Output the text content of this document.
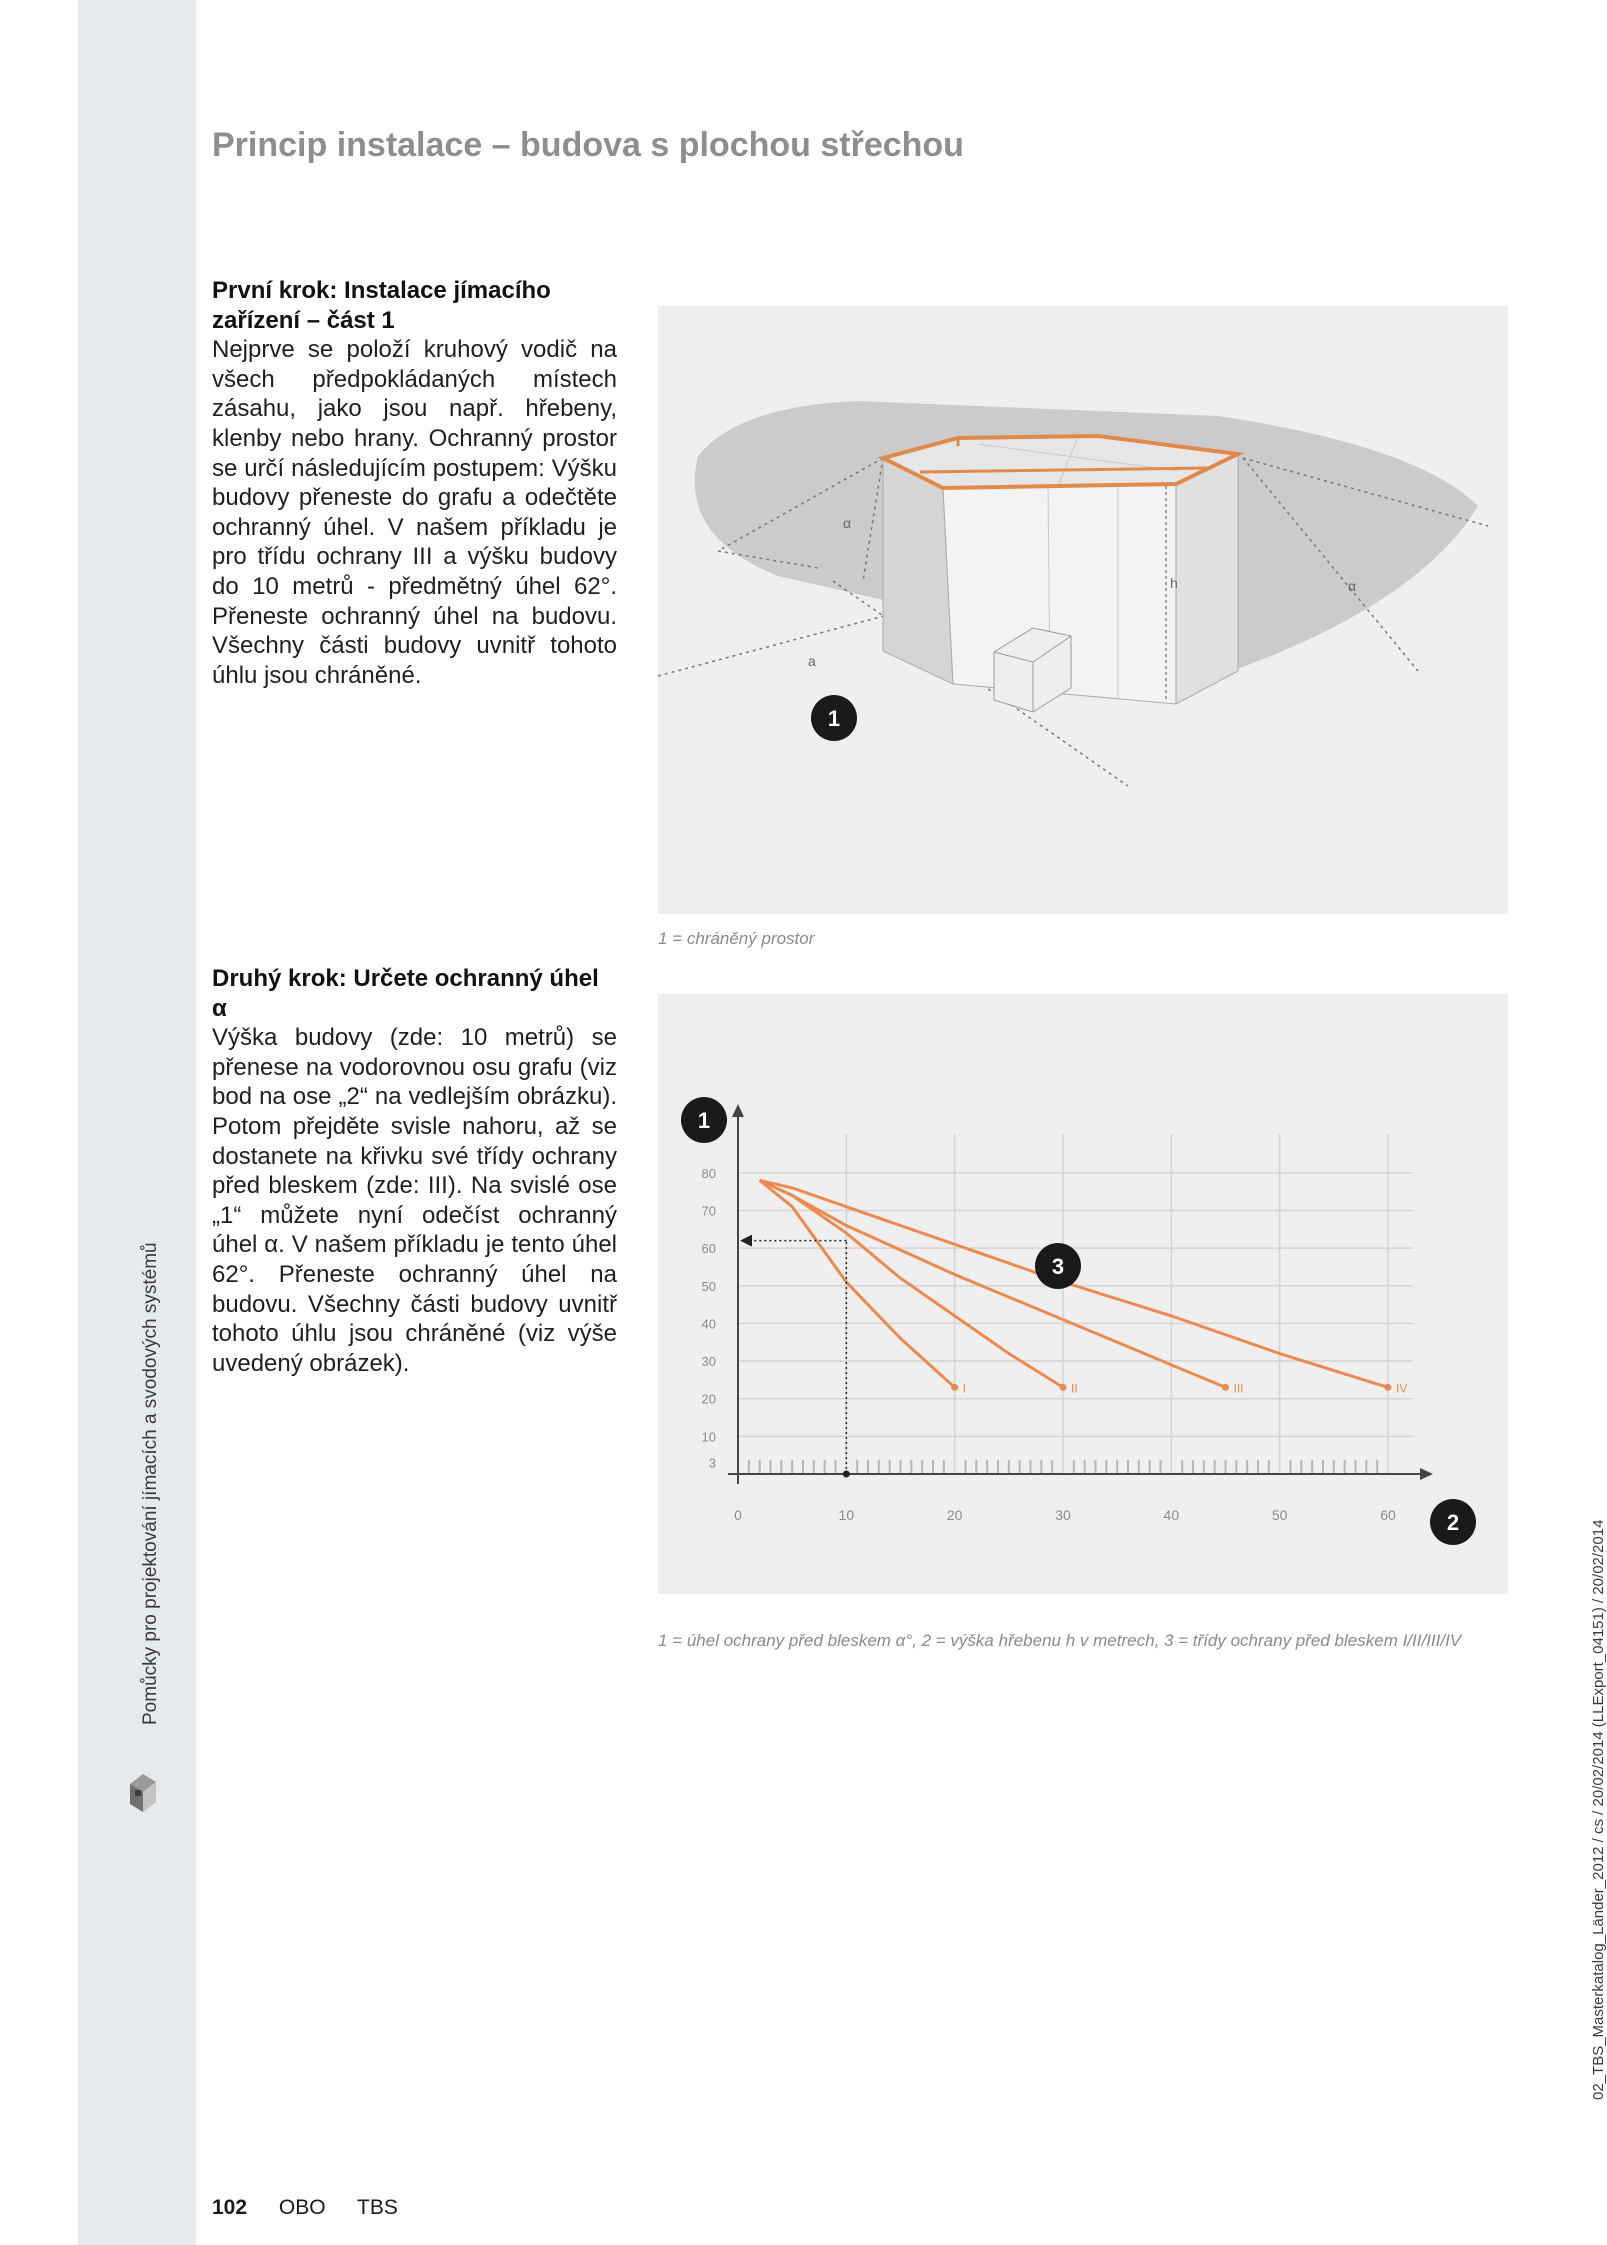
Pomůcky pro projektování jímacích a svodových systémů
Princip instalace – budova s plochou střechou
První krok: Instalace jímacího zařízení – část 1

Nejprve se položí kruhový vodič na všech předpokládaných místech zásahu, jako jsou např. hřebeny, klenby nebo hrany. Ochranný prostor se určí následujícím postupem: Výšku budovy přeneste do grafu a odečtěte ochranný úhel. V našem příkladu je pro třídu ochrany III a výšku budovy do 10 metrů - předmětný úhel 62°. Přeneste ochranný úhel na budovu. Všechny části budovy uvnitř tohoto úhlu jsou chráněné.

h
α
α
a
1
1 = chráněný prostor
Druhý krok: Určete ochranný úhel α

Výška budovy (zde: 10 metrů) se přenese na vodorovnou osu grafu (viz bod na ose „2“ na vedlejším obrázku). Potom přejděte svisle nahoru, až se dostanete na křivku své třídy ochrany před bleskem (zde: III). Na svislé ose „1“ můžete nyní odečíst ochranný úhel α. V našem příkladu je tento úhel 62°. Přeneste ochranný úhel na budovu. Všechny části budovy uvnitř tohoto úhlu jsou chráněné (viz výše uvedený obrázek).

3
10
20
30
40
50
60
70
80
0	10	20	30	40	50	60
I	II	III	IV
1
2
3
1 = úhel ochrany před bleskem α°, 2 = výška hřebenu h v metrech, 3 = třídy ochrany před bleskem I/II/III/IV
102 OBO TBS
02_TBS_Masterkatalog_Länder_2012 / cs / 20/02/2014 (LLExport_04151) / 20/02/2014
